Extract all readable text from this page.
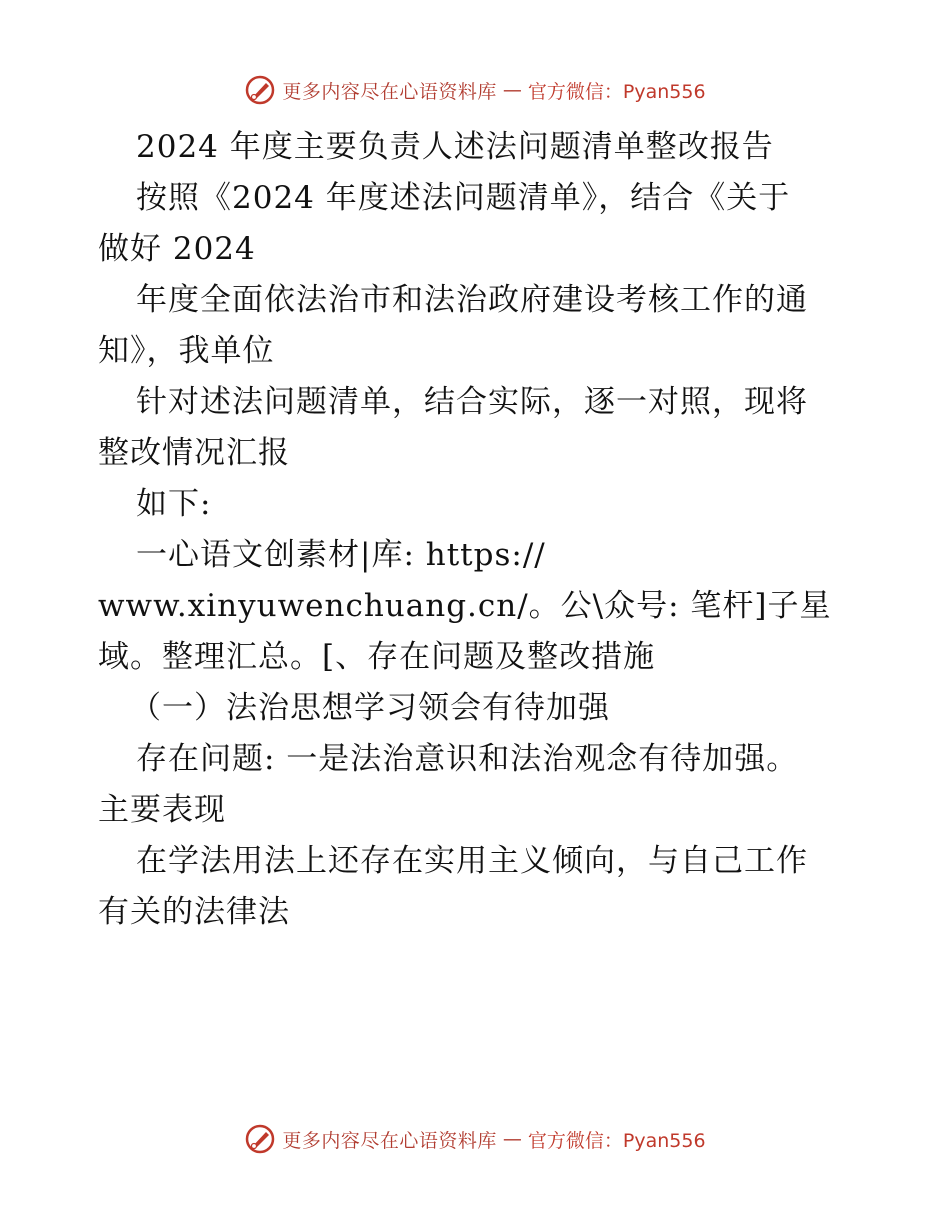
更多内容尽在心语资料库 — 官方微信：Pyan556
2024 年度主要负责人述法问题清单整改报告
按照《2024 年度述法问题清单》，结合《关于
做好 2024
年度全面依法治市和法治政府建设考核工作的通
知》，我单位
针对述法问题清单，结合实际，逐一对照，现将
整改情况汇报
如下:
一心语文创素材|库: https://
www.xinyuwenchuang.cn/。公\众号: 笔杆]子星
域。整理汇总。[、存在问题及整改措施
（一）法治思想学习领会有待加强
存在问题: 一是法治意识和法治观念有待加强。
主要表现
在学法用法上还存在实用主义倾向，与自己工作
有关的法律法
更多内容尽在心语资料库 — 官方微信：Pyan556
